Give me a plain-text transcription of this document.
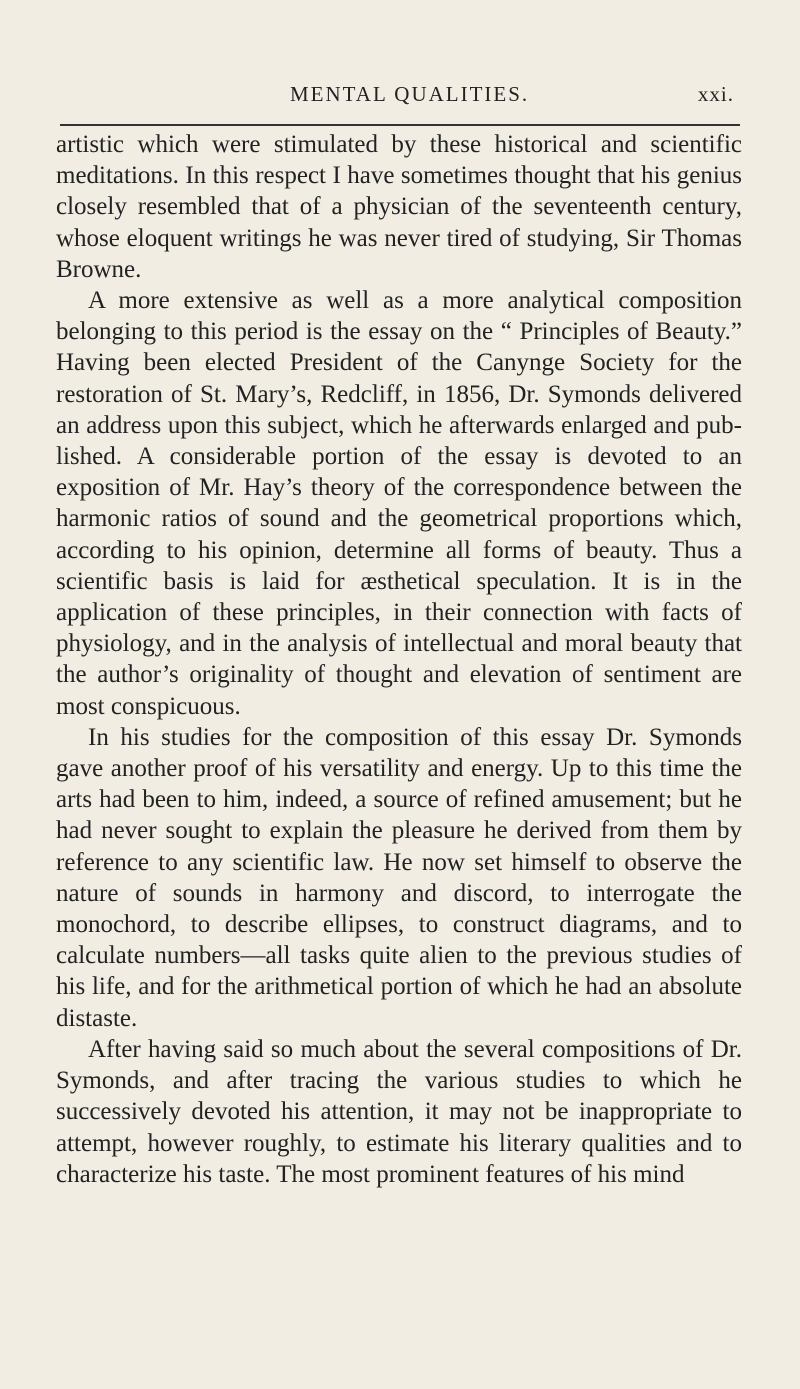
MENTAL QUALITIES.	xxi.

artistic which were stimulated by these historical and scientific meditations. In this respect I have sometimes thought that his genius closely resembled that of a physician of the seventeenth century, whose eloquent writings he was never tired of studying, Sir Thomas Browne.

A more extensive as well as a more analytical composition belonging to this period is the essay on the “ Principles of Beauty.” Having been elected President of the Canynge Society for the restoration of St. Mary’s, Redcliff, in 1856, Dr. Symonds delivered an address upon this subject, which he afterwards enlarged and pub-lished. A considerable portion of the essay is devoted to an exposition of Mr. Hay’s theory of the correspondence between the harmonic ratios of sound and the geometrical proportions which, according to his opinion, determine all forms of beauty. Thus a scientific basis is laid for æsthetical speculation. It is in the application of these principles, in their connection with facts of physiology, and in the analysis of intellectual and moral beauty that the author’s originality of thought and elevation of sentiment are most conspicuous.

In his studies for the composition of this essay Dr. Symonds gave another proof of his versatility and energy. Up to this time the arts had been to him, indeed, a source of refined amusement; but he had never sought to explain the pleasure he derived from them by reference to any scientific law. He now set himself to observe the nature of sounds in harmony and discord, to interrogate the monochord, to describe ellipses, to construct diagrams, and to calculate numbers—all tasks quite alien to the previous studies of his life, and for the arithmetical portion of which he had an absolute distaste.

After having said so much about the several compositions of Dr. Symonds, and after tracing the various studies to which he successively devoted his attention, it may not be inappropriate to attempt, however roughly, to estimate his literary qualities and to characterize his taste. The most prominent features of his mind
